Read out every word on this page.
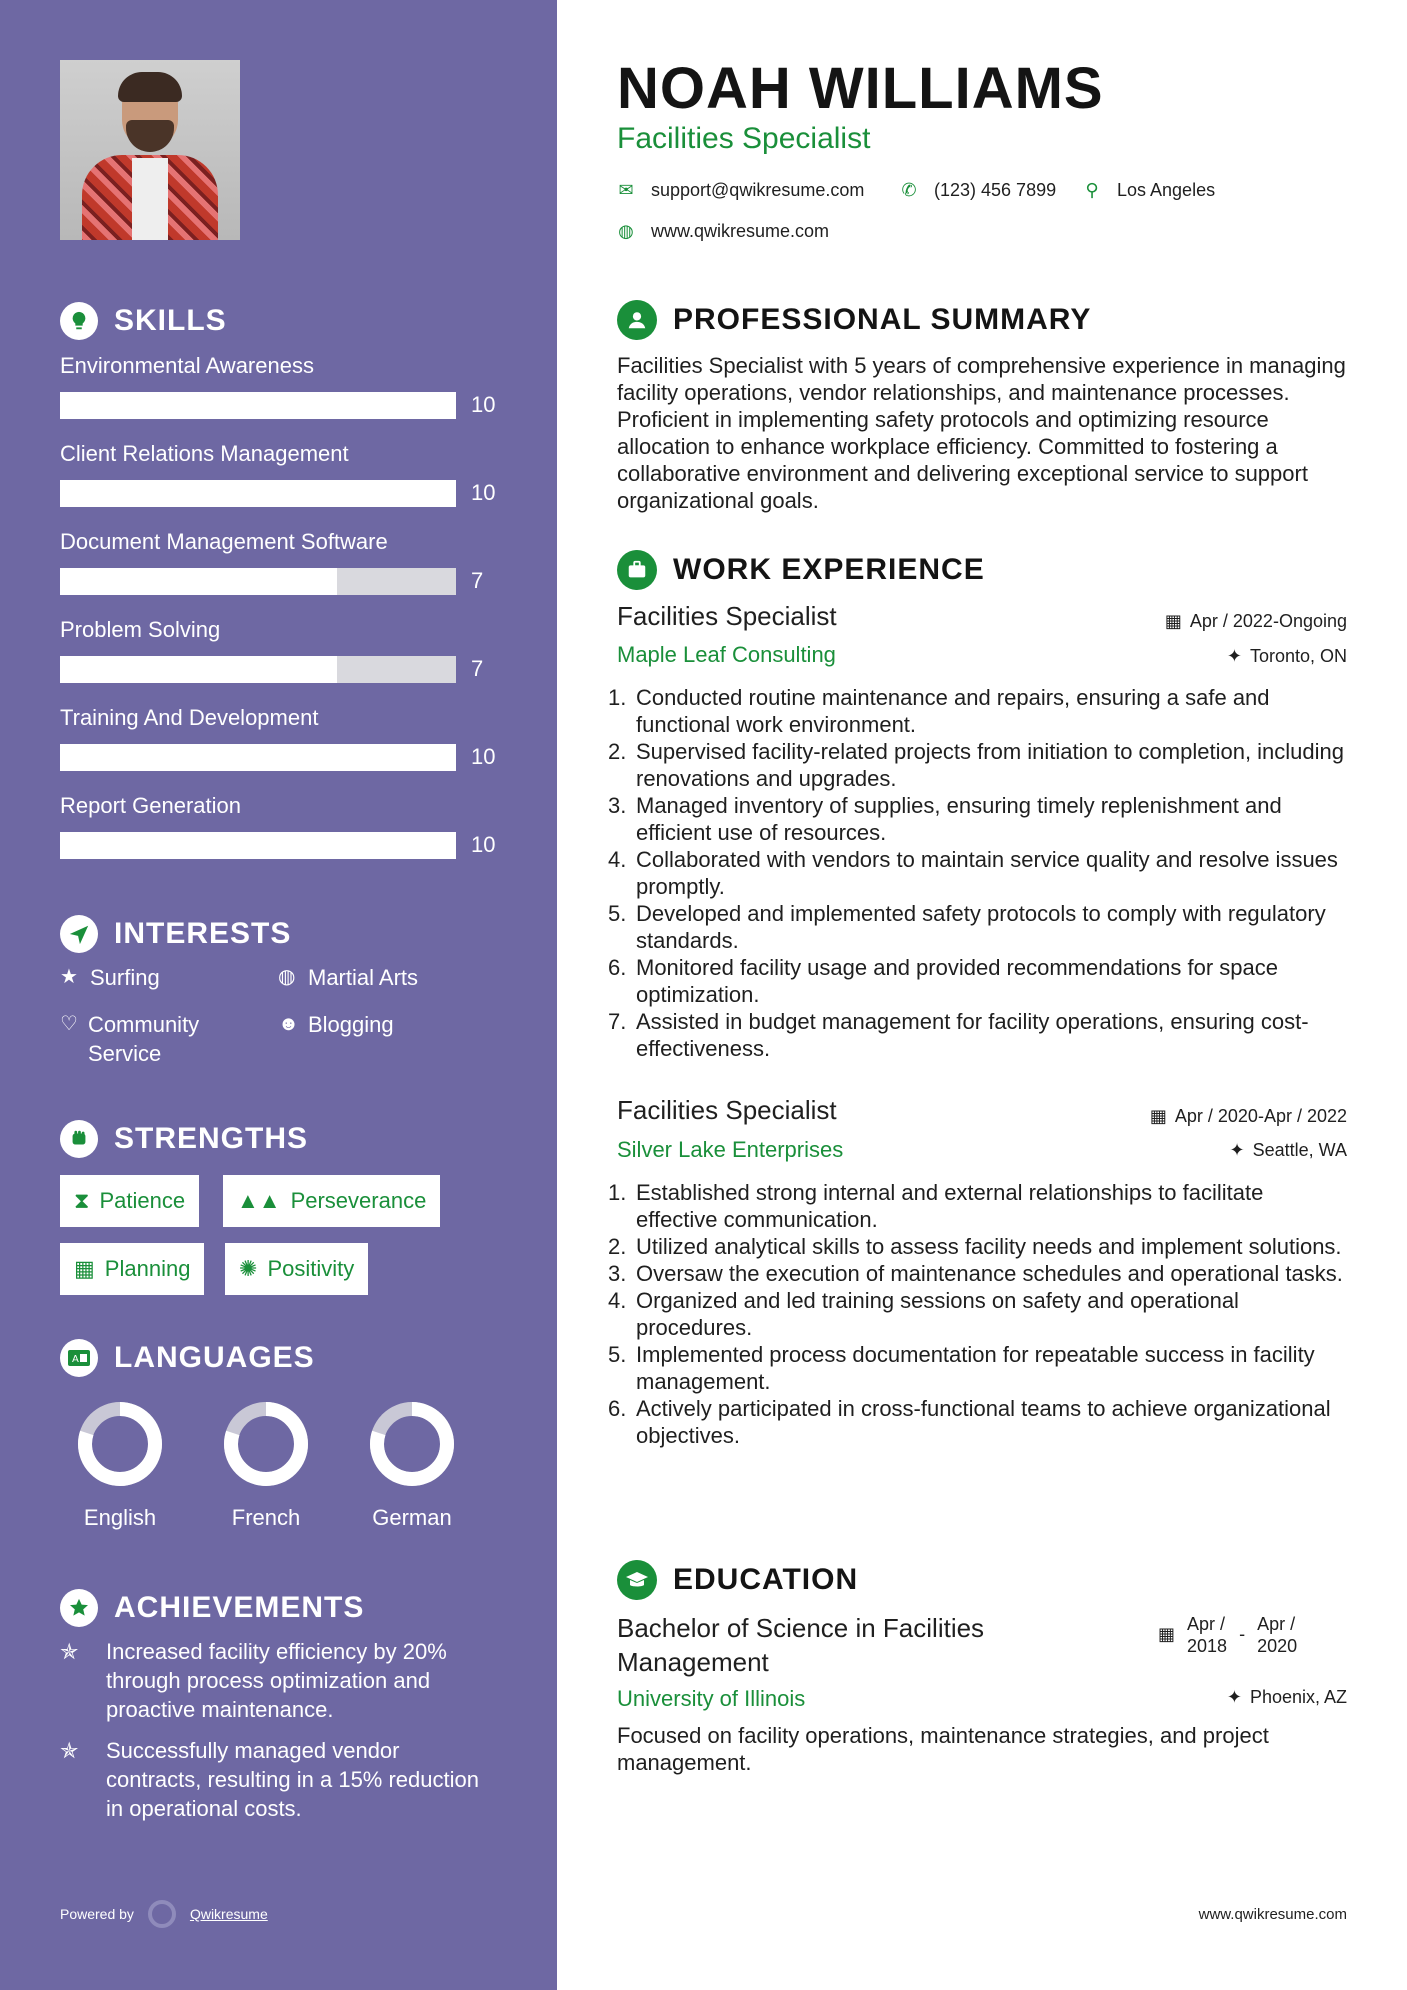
SKILLS
Environmental Awareness
10
Client Relations Management
10
Document Management Software
7
Problem Solving
7
Training And Development
10
Report Generation
10
INTERESTS
★ Surfing	◍ Martial Arts
♡ Community Service
☻ Blogging
STRENGTHS
⧗ Patience ▲▲ Perseverance
▦ Planning ✺ Positivity
A LANGUAGES
English	French	German
ACHIEVEMENTS
✯	Increased facility efficiency by 20% through process optimization and proactive maintenance.
✯	Successfully managed vendor contracts, resulting in a 15% reduction in operational costs.
Powered by	Qwikresume
NOAH WILLIAMS
Facilities Specialist
✉ support@qwikresume.com ✆ (123) 456 7899 ⚲ Los Angeles
◍ www.qwikresume.com
PROFESSIONAL SUMMARY
Facilities Specialist with 5 years of comprehensive experience in managing facility operations, vendor relationships, and maintenance processes. Proficient in implementing safety protocols and optimizing resource allocation to enhance workplace efficiency. Committed to fostering a collaborative environment and delivering exceptional service to support organizational goals.
WORK EXPERIENCE
Facilities Specialist	▦ Apr / 2022-Ongoing
Maple Leaf Consulting	✦ Toronto, ON
1. Conducted routine maintenance and repairs, ensuring a safe and functional work environment.
2. Supervised facility-related projects from initiation to completion, including renovations and upgrades.
3. Managed inventory of supplies, ensuring timely replenishment and efficient use of resources.
4. Collaborated with vendors to maintain service quality and resolve issues promptly.
5. Developed and implemented safety protocols to comply with regulatory standards.
6. Monitored facility usage and provided recommendations for space optimization.
7. Assisted in budget management for facility operations, ensuring cost-effectiveness.
Facilities Specialist	▦ Apr / 2020-Apr / 2022
Silver Lake Enterprises	✦ Seattle, WA
1. Established strong internal and external relationships to facilitate effective communication.
2. Utilized analytical skills to assess facility needs and implement solutions.
3. Oversaw the execution of maintenance schedules and operational tasks.
4. Organized and led training sessions on safety and operational procedures.
5. Implemented process documentation for repeatable success in facility management.
6. Actively participated in cross-functional teams to achieve organizational objectives.
EDUCATION
Bachelor of Science in Facilities Management
▦ Apr /
2018
- Apr /
2020
University of Illinois	✦ Phoenix, AZ
Focused on facility operations, maintenance strategies, and project management.
www.qwikresume.com
